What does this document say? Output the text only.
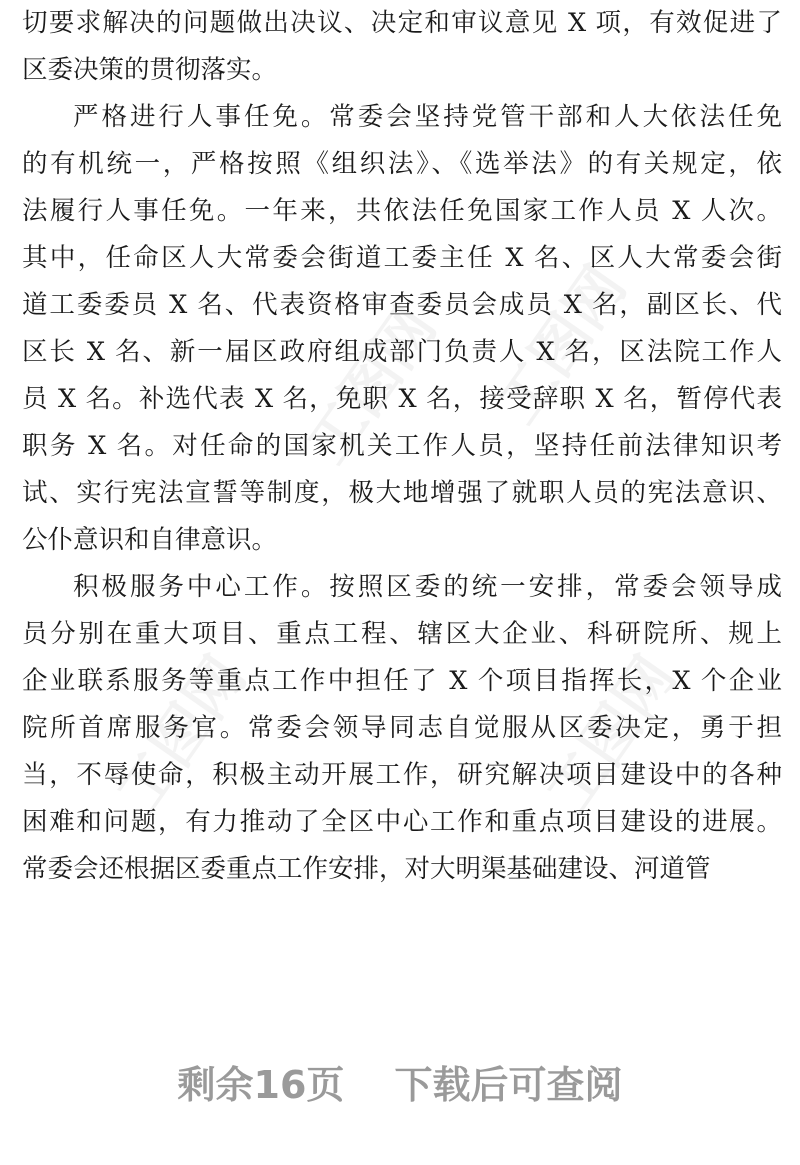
工图网 工图网
工图网	工图网
切要求解决的问题做出决议、决定和审议意见 X 项，有效促进了
区委决策的贯彻落实。
严格进行人事任免。常委会坚持党管干部和人大依法任免
的有机统一，严格按照《组织法》、《选举法》的有关规定，依
法履行人事任免。一年来，共依法任免国家工作人员 X 人次。
其中，任命区人大常委会街道工委主任 X 名、区人大常委会街
道工委委员 X 名、代表资格审查委员会成员 X 名，副区长、代
区长 X 名、新一届区政府组成部门负责人 X 名，区法院工作人
员 X 名。补选代表 X 名，免职 X 名，接受辞职 X 名，暂停代表
职务 X 名。对任命的国家机关工作人员，坚持任前法律知识考
试、实行宪法宣誓等制度，极大地增强了就职人员的宪法意识、
公仆意识和自律意识。
积极服务中心工作。按照区委的统一安排，常委会领导成
员分别在重大项目、重点工程、辖区大企业、科研院所、规上
企业联系服务等重点工作中担任了 X 个项目指挥长，X 个企业
院所首席服务官。常委会领导同志自觉服从区委决定，勇于担
当，不辱使命，积极主动开展工作，研究解决项目建设中的各种
困难和问题，有力推动了全区中心工作和重点项目建设的进展。
常委会还根据区委重点工作安排，对大明渠基础建设、河道管
剩余16页 下载后可查阅
